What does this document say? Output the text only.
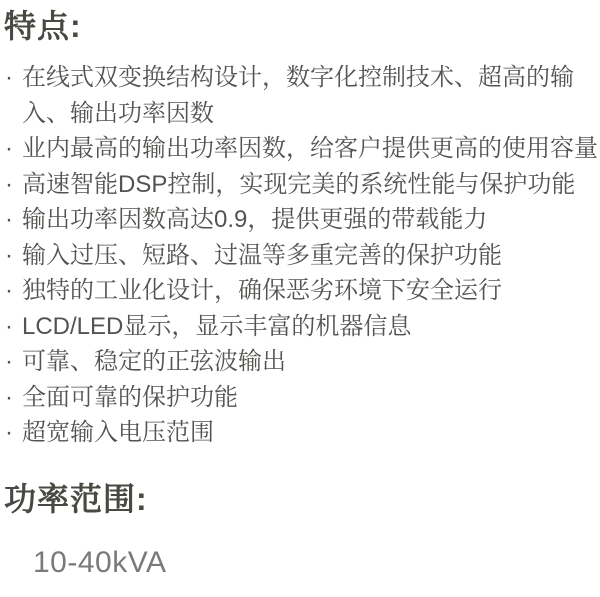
特点:
· 在线式双变换结构设计，数字化控制技术、超高的输入、输出功率因数
· 业内最高的输出功率因数，给客户提供更高的使用容量
· 高速智能DSP控制，实现完美的系统性能与保护功能
· 输出功率因数高达0.9，提供更强的带载能力
· 输入过压、短路、过温等多重完善的保护功能
· 独特的工业化设计，确保恶劣环境下安全运行
· LCD/LED显示，显示丰富的机器信息
· 可靠、稳定的正弦波输出
· 全面可靠的保护功能
· 超宽输入电压范围
功率范围:

10-40kVA
